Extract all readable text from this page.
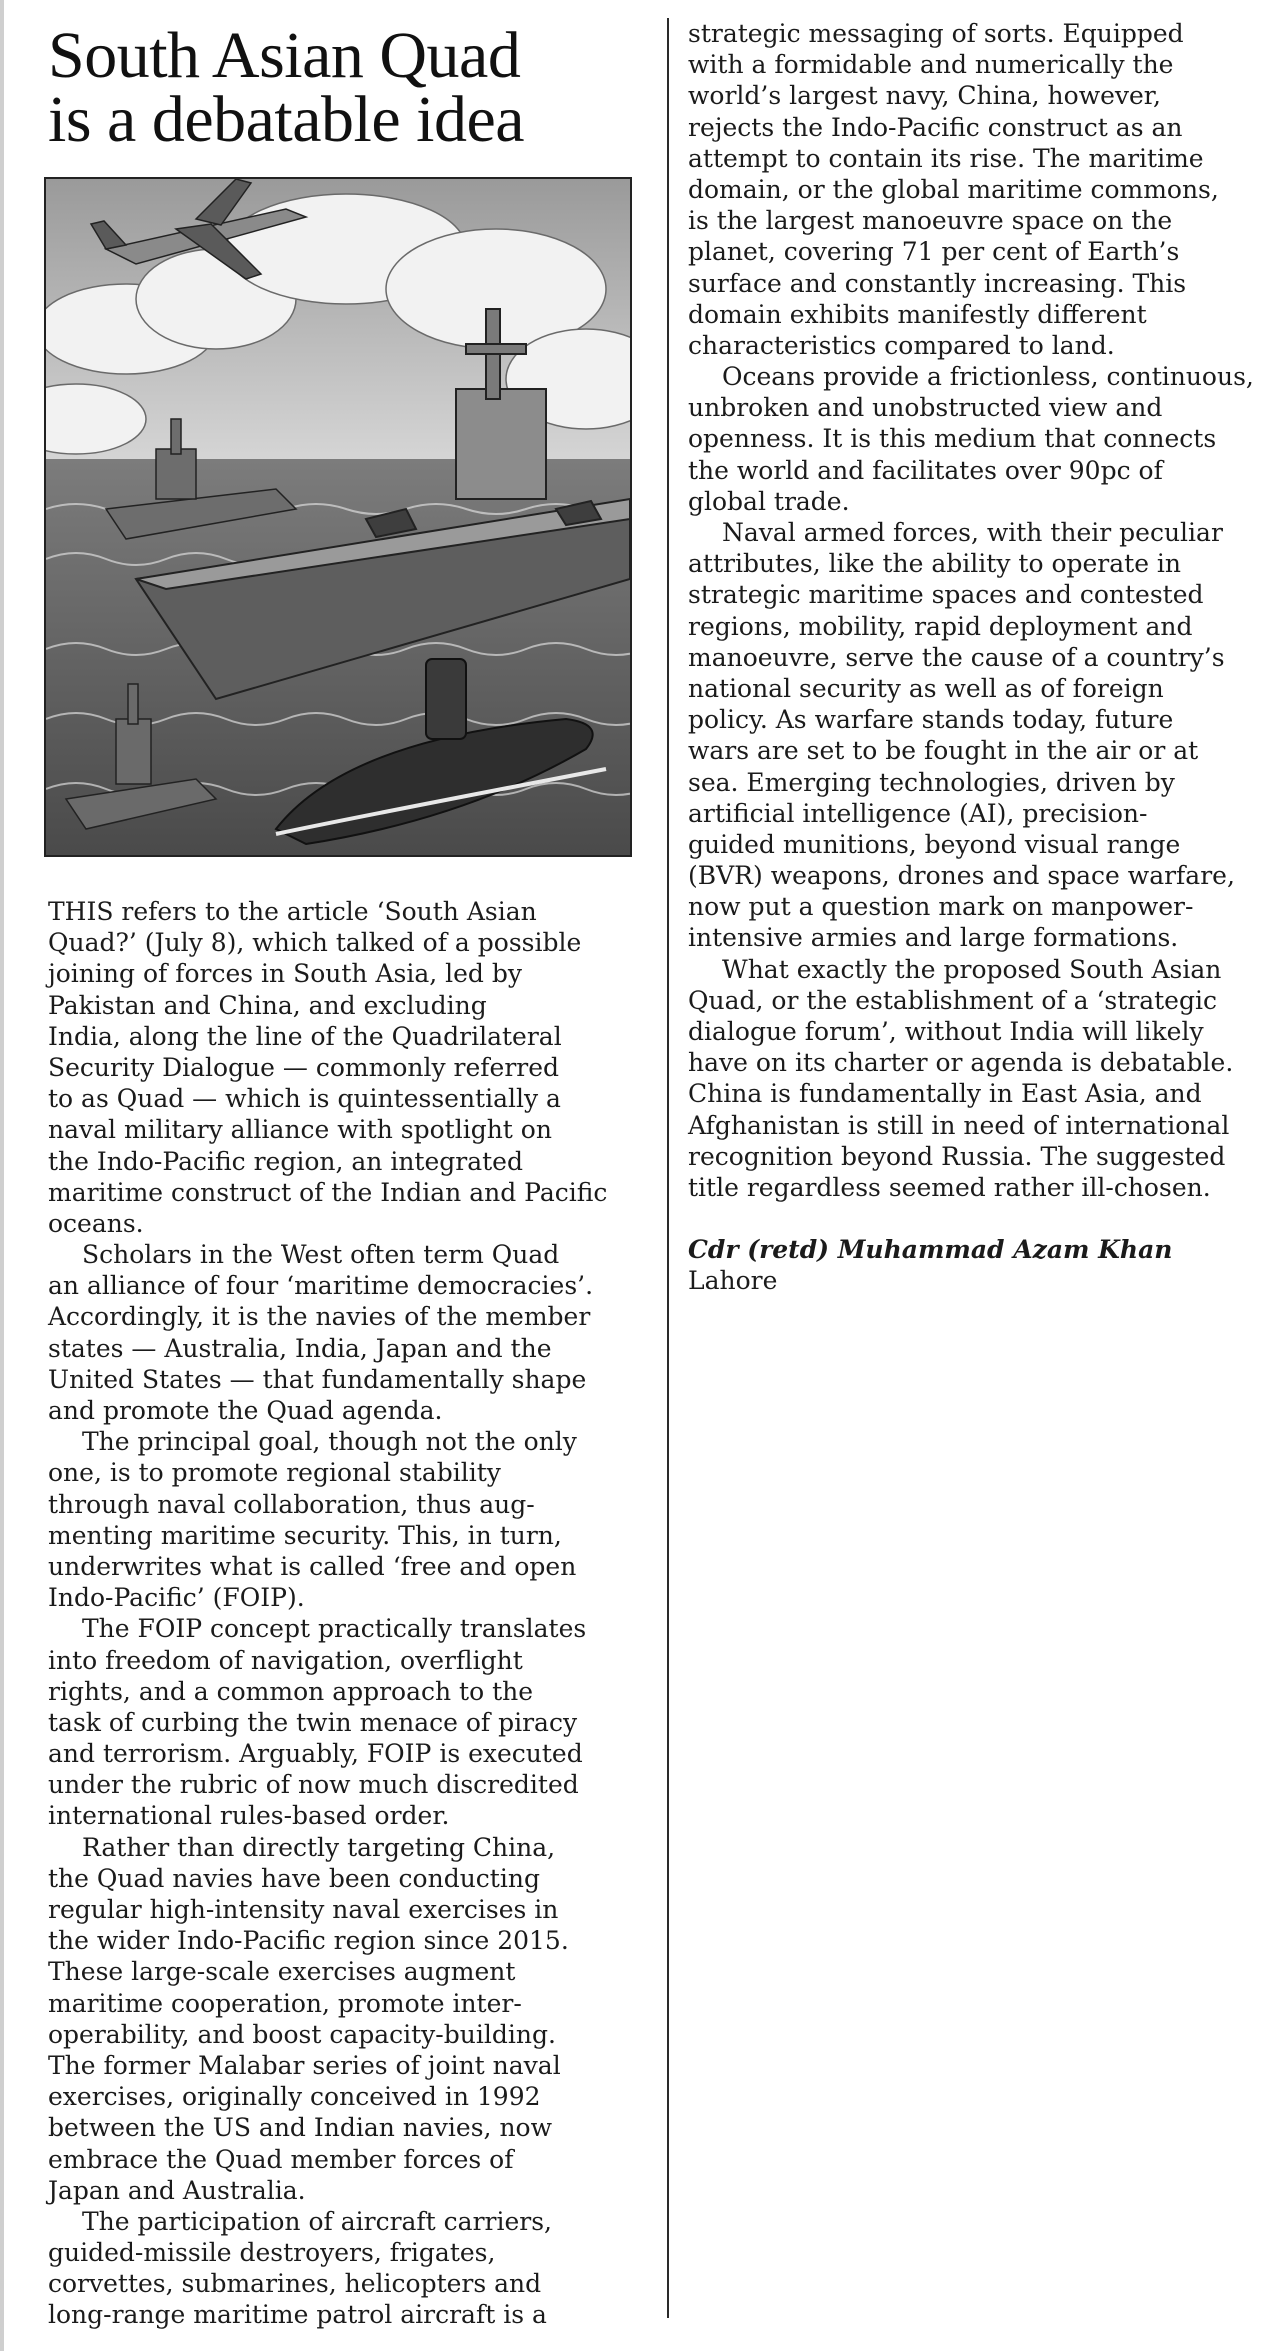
South Asian Quad
is a debatable idea
THIS refers to the article ‘South Asian
Quad?’ (July 8), which talked of a possible
joining of forces in South Asia, led by
Pakistan and China, and excluding
India, along the line of the Quadrilateral
Security Dialogue — commonly referred
to as Quad — which is quintessentially a
naval military alliance with spotlight on
the Indo-Pacific region, an integrated
maritime construct of the Indian and Pacific
oceans.
Scholars in the West often term Quad
an alliance of four ‘maritime democracies’.
Accordingly, it is the navies of the member
states — Australia, India, Japan and the
United States — that fundamentally shape
and promote the Quad agenda.
The principal goal, though not the only
one, is to promote regional stability
through naval collaboration, thus aug-
menting maritime security. This, in turn,
underwrites what is called ‘free and open
Indo-Pacific’ (FOIP).
The FOIP concept practically translates
into freedom of navigation, overflight
rights, and a common approach to the
task of curbing the twin menace of piracy
and terrorism. Arguably, FOIP is executed
under the rubric of now much discredited
international rules-based order.
Rather than directly targeting China,
the Quad navies have been conducting
regular high-intensity naval exercises in
the wider Indo-Pacific region since 2015.
These large-scale exercises augment
maritime cooperation, promote inter-
operability, and boost capacity-building.
The former Malabar series of joint naval
exercises, originally conceived in 1992
between the US and Indian navies, now
embrace the Quad member forces of
Japan and Australia.
The participation of aircraft carriers,
guided-missile destroyers, frigates,
corvettes, submarines, helicopters and
long-range maritime patrol aircraft is a
strategic messaging of sorts. Equipped
with a formidable and numerically the
world’s largest navy, China, however,
rejects the Indo-Pacific construct as an
attempt to contain its rise. The maritime
domain, or the global maritime commons,
is the largest manoeuvre space on the
planet, covering 71 per cent of Earth’s
surface and constantly increasing. This
domain exhibits manifestly different
characteristics compared to land.
Oceans provide a frictionless, continuous,
unbroken and unobstructed view and
openness. It is this medium that connects
the world and facilitates over 90pc of
global trade.
Naval armed forces, with their peculiar
attributes, like the ability to operate in
strategic maritime spaces and contested
regions, mobility, rapid deployment and
manoeuvre, serve the cause of a country’s
national security as well as of foreign
policy. As warfare stands today, future
wars are set to be fought in the air or at
sea. Emerging technologies, driven by
artificial intelligence (AI), precision-
guided munitions, beyond visual range
(BVR) weapons, drones and space warfare,
now put a question mark on manpower-
intensive armies and large formations.
What exactly the proposed South Asian
Quad, or the establishment of a ‘strategic
dialogue forum’, without India will likely
have on its charter or agenda is debatable.
China is fundamentally in East Asia, and
Afghanistan is still in need of international
recognition beyond Russia. The suggested
title regardless seemed rather ill-chosen.
Cdr (retd) Muhammad Azam Khan
Lahore
